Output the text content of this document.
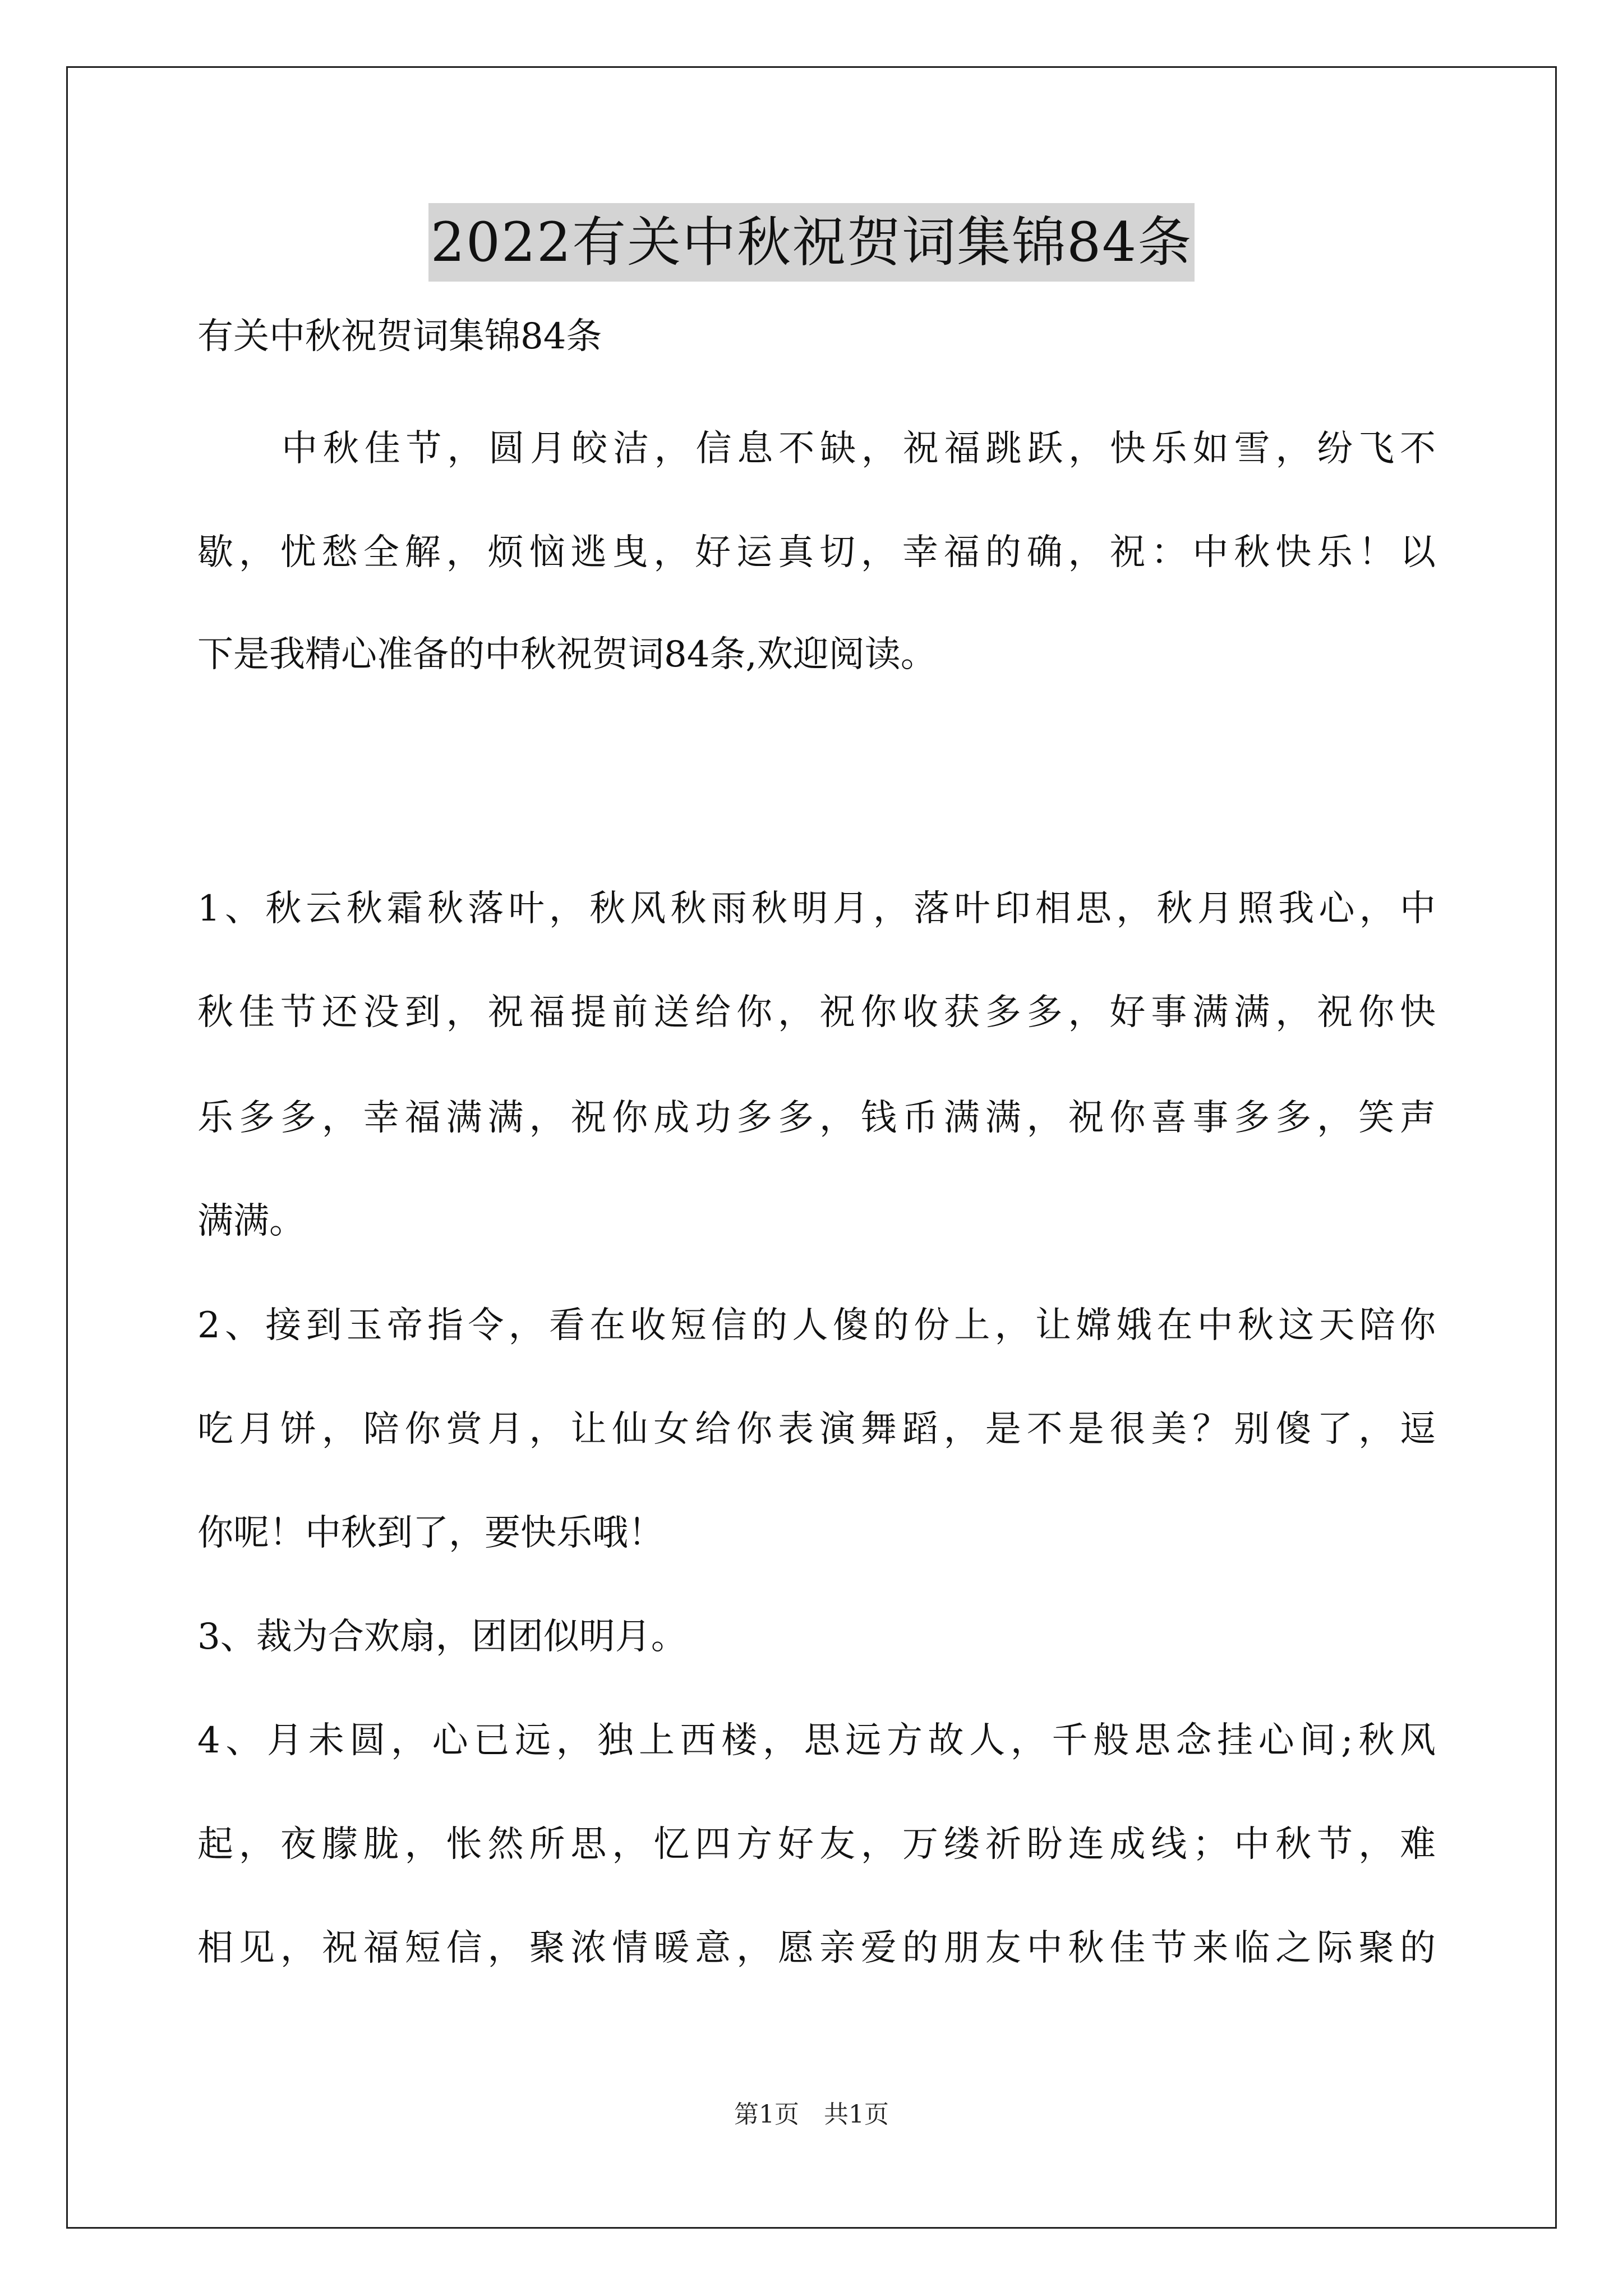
2022有关中秋祝贺词集锦84条
有关中秋祝贺词集锦84条
中秋佳节，圆月皎洁，信息不缺，祝福跳跃，快乐如雪，纷飞不
歇，忧愁全解，烦恼逃曳，好运真切，幸福的确，祝：中秋快乐！以
下是我精心准备的中秋祝贺词84条,欢迎阅读。
1、秋云秋霜秋落叶，秋风秋雨秋明月，落叶印相思，秋月照我心，中
秋佳节还没到，祝福提前送给你，祝你收获多多，好事满满，祝你快
乐多多，幸福满满，祝你成功多多，钱币满满，祝你喜事多多，笑声
满满。
2、接到玉帝指令，看在收短信的人傻的份上，让嫦娥在中秋这天陪你
吃月饼，陪你赏月，让仙女给你表演舞蹈，是不是很美？别傻了，逗
你呢！中秋到了，要快乐哦！
3、裁为合欢扇，团团似明月。
4、月未圆，心已远，独上西楼，思远方故人，千般思念挂心间;秋风
起，夜朦胧，怅然所思，忆四方好友，万缕祈盼连成线；中秋节，难
相见，祝福短信，聚浓情暖意，愿亲爱的朋友中秋佳节来临之际聚的
第1页　共1页
